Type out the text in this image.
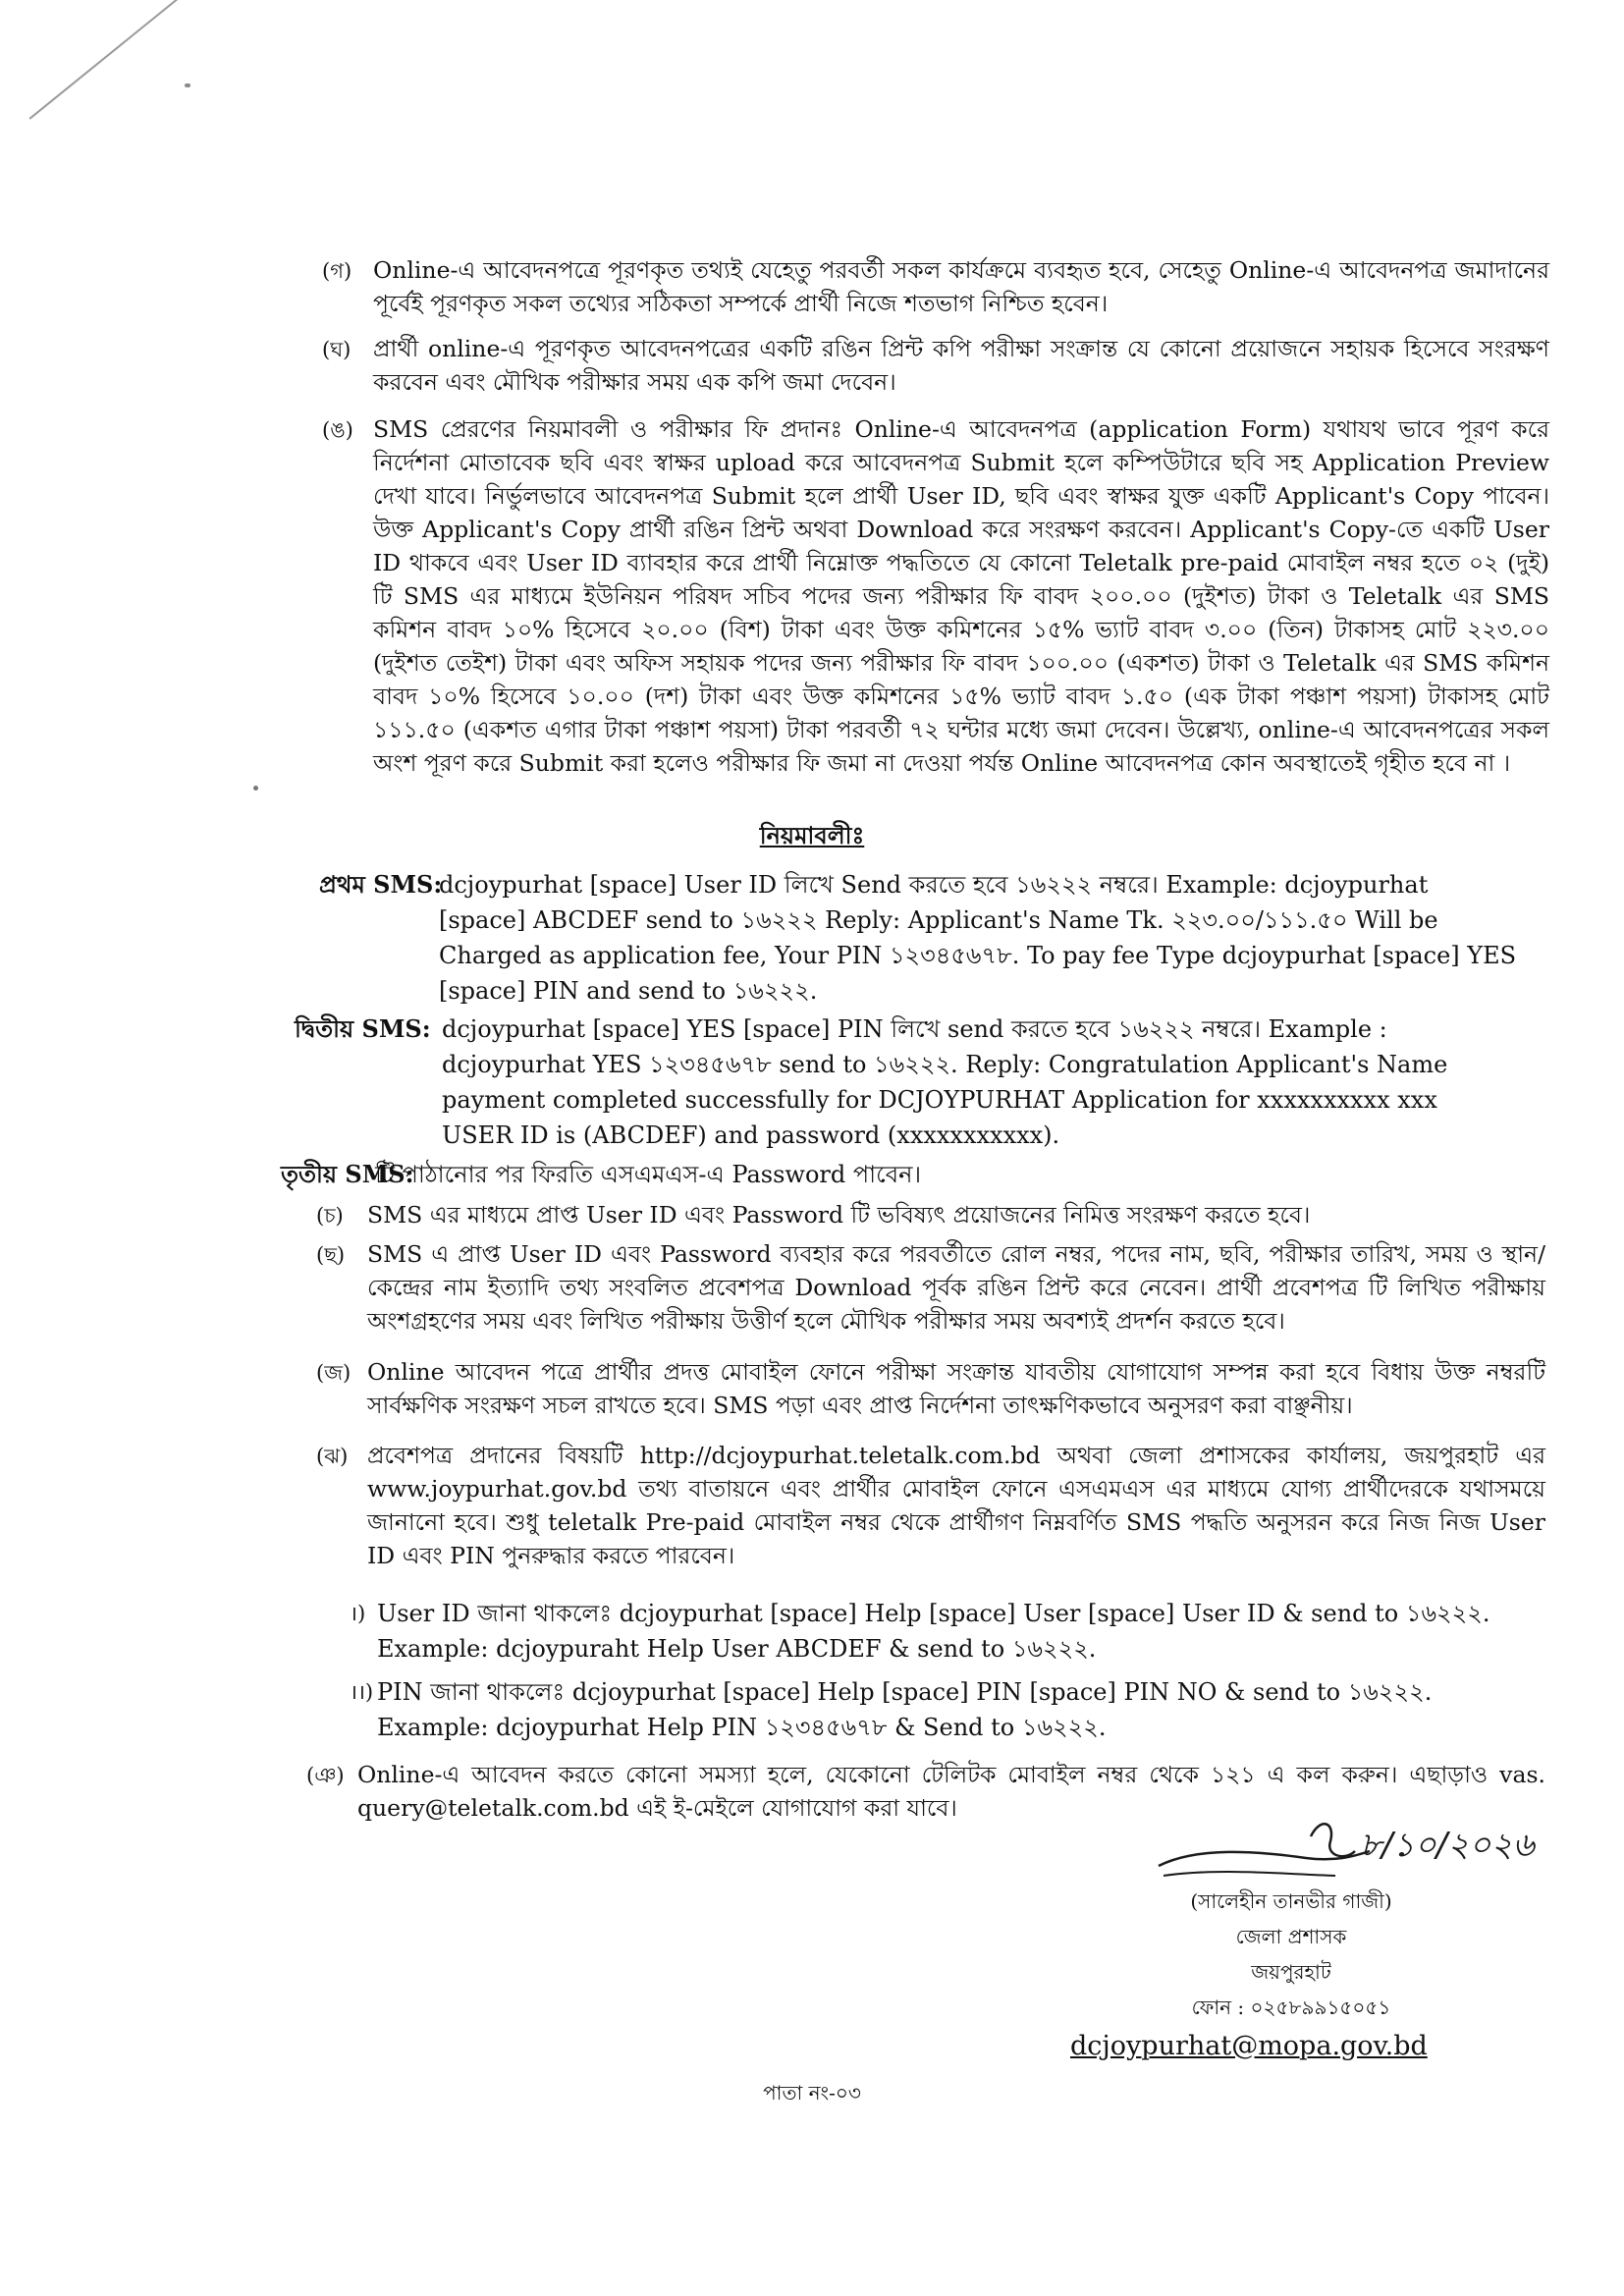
(গ) Online-এ আবেদনপত্রে পূরণকৃত তথ্যই যেহেতু পরবর্তী সকল কার্যক্রমে ব্যবহৃত হবে, সেহেতু Online-এ আবেদনপত্র জমাদানের পূর্বেই পূরণকৃত সকল তথ্যের সঠিকতা সম্পর্কে প্রার্থী নিজে শতভাগ নিশ্চিত হবেন।
(ঘ) প্রার্থী online-এ পূরণকৃত আবেদনপত্রের একটি রঙিন প্রিন্ট কপি পরীক্ষা সংক্রান্ত যে কোনো প্রয়োজনে সহায়ক হিসেবে সংরক্ষণ করবেন এবং মৌখিক পরীক্ষার সময় এক কপি জমা দেবেন।
(ঙ) SMS প্রেরণের নিয়মাবলী ও পরীক্ষার ফি প্রদানঃ Online-এ আবেদনপত্র (application Form) যথাযথ ভাবে পূরণ করে নির্দেশনা মোতাবেক ছবি এবং স্বাক্ষর upload করে আবেদনপত্র Submit হলে কম্পিউটারে ছবি সহ Application Preview দেখা যাবে। নির্ভুলভাবে আবেদনপত্র Submit হলে প্রার্থী User ID, ছবি এবং স্বাক্ষর যুক্ত একটি Applicant's Copy পাবেন। উক্ত Applicant's Copy প্রার্থী রঙিন প্রিন্ট অথবা Download করে সংরক্ষণ করবেন। Applicant's Copy-তে একটি User ID থাকবে এবং User ID ব্যাবহার করে প্রার্থী নিম্নোক্ত পদ্ধতিতে যে কোনো Teletalk pre-paid মোবাইল নম্বর হতে ০২ (দুই) টি SMS এর মাধ্যমে ইউনিয়ন পরিষদ সচিব পদের জন্য পরীক্ষার ফি বাবদ ২০০.০০ (দুইশত) টাকা ও Teletalk এর SMS কমিশন বাবদ ১০% হিসেবে ২০.০০ (বিশ) টাকা এবং উক্ত কমিশনের ১৫% ভ্যাট বাবদ ৩.০০ (তিন) টাকাসহ মোট ২২৩.০০ (দুইশত তেইশ) টাকা এবং অফিস সহায়ক পদের জন্য পরীক্ষার ফি বাবদ ১০০.০০ (একশত) টাকা ও Teletalk এর SMS কমিশন বাবদ ১০% হিসেবে ১০.০০ (দশ) টাকা এবং উক্ত কমিশনের ১৫% ভ্যাট বাবদ ১.৫০ (এক টাকা পঞ্চাশ পয়সা) টাকাসহ মোট ১১১.৫০ (একশত এগার টাকা পঞ্চাশ পয়সা) টাকা পরবর্তী ৭২ ঘন্টার মধ্যে জমা দেবেন। উল্লেখ্য, online-এ আবেদনপত্রের সকল অংশ পূরণ করে Submit করা হলেও পরীক্ষার ফি জমা না দেওয়া পর্যন্ত Online আবেদনপত্র কোন অবস্থাতেই গৃহীত হবে না ।
নিয়মাবলীঃ
প্রথম SMS:
dcjoypurhat [space] User ID লিখে Send করতে হবে ১৬২২২ নম্বরে। Example: dcjoypurhat [space] ABCDEF send to ১৬২২২ Reply: Applicant's Name Tk. ২২৩.০০/১১১.৫০ Will be Charged as application fee, Your PIN ১২৩৪৫৬৭৮. To pay fee Type dcjoypurhat [space] YES [space] PIN and send to ১৬২২২.
দ্বিতীয় SMS: dcjoypurhat [space] YES [space] PIN লিখে send করতে হবে ১৬২২২ নম্বরে। Example : dcjoypurhat YES ১২৩৪৫৬৭৮ send to ১৬২২২. Reply: Congratulation Applicant's Name payment completed successfully for DCJOYPURHAT Application for xxxxxxxxxx xxx USER ID is (ABCDEF) and password (xxxxxxxxxxx).
তৃতীয় SMS:
টি পাঠানোর পর ফিরতি এসএমএস-এ Password পাবেন।
(চ)	SMS এর মাধ্যমে প্রাপ্ত User ID এবং Password টি ভবিষ্যৎ প্রয়োজনের নিমিত্ত সংরক্ষণ করতে হবে।
(ছ) SMS এ প্রাপ্ত User ID এবং Password ব্যবহার করে পরবর্তীতে রোল নম্বর, পদের নাম, ছবি, পরীক্ষার তারিখ, সময় ও স্থান/কেন্দ্রের নাম ইত্যাদি তথ্য সংবলিত প্রবেশপত্র Download পূর্বক রঙিন প্রিন্ট করে নেবেন। প্রার্থী প্রবেশপত্র টি লিখিত পরীক্ষায় অংশগ্রহণের সময় এবং লিখিত পরীক্ষায় উত্তীর্ণ হলে মৌখিক পরীক্ষার সময় অবশ্যই প্রদর্শন করতে হবে।
(জ) Online আবেদন পত্রে প্রার্থীর প্রদত্ত মোবাইল ফোনে পরীক্ষা সংক্রান্ত যাবতীয় যোগাযোগ সম্পন্ন করা হবে বিধায় উক্ত নম্বরটি সার্বক্ষণিক সংরক্ষণ সচল রাখতে হবে। SMS পড়া এবং প্রাপ্ত নির্দেশনা তাৎক্ষণিকভাবে অনুসরণ করা বাঞ্ছনীয়।
(ঝ) প্রবেশপত্র প্রদানের বিষয়টি http://dcjoypurhat.teletalk.com.bd অথবা জেলা প্রশাসকের কার্যালয়, জয়পুরহাট এর www.joypurhat.gov.bd তথ্য বাতায়নে এবং প্রার্থীর মোবাইল ফোনে এসএমএস এর মাধ্যমে যোগ্য প্রার্থীদেরকে যথাসময়ে জানানো হবে। শুধু teletalk Pre-paid মোবাইল নম্বর থেকে প্রার্থীগণ নিম্নবর্ণিত SMS পদ্ধতি অনুসরন করে নিজ নিজ User ID এবং PIN পুনরুদ্ধার করতে পারবেন।
।) User ID জানা থাকলেঃ dcjoypurhat [space] Help [space] User [space] User ID & send to ১৬২২২.
Example: dcjoypuraht Help User ABCDEF & send to ১৬২২২.
।।) PIN জানা থাকলেঃ dcjoypurhat [space] Help [space] PIN [space] PIN NO & send to ১৬২২২.
Example: dcjoypurhat Help PIN ১২৩৪৫৬৭৮ & Send to ১৬২২২.
(ঞ) Online-এ আবেদন করতে কোনো সমস্যা হলে, যেকোনো টেলিটক মোবাইল নম্বর থেকে ১২১ এ কল করুন। এছাড়াও vas. query@teletalk.com.bd এই ই-মেইলে যোগাযোগ করা যাবে।
৮/১০/২০২৬
(সালেহীন তানভীর গাজী)
জেলা প্রশাসক
জয়পুরহাট
ফোন : ০২৫৮৯৯১৫০৫১
dcjoypurhat@mopa.gov.bd
পাতা নং-০৩
